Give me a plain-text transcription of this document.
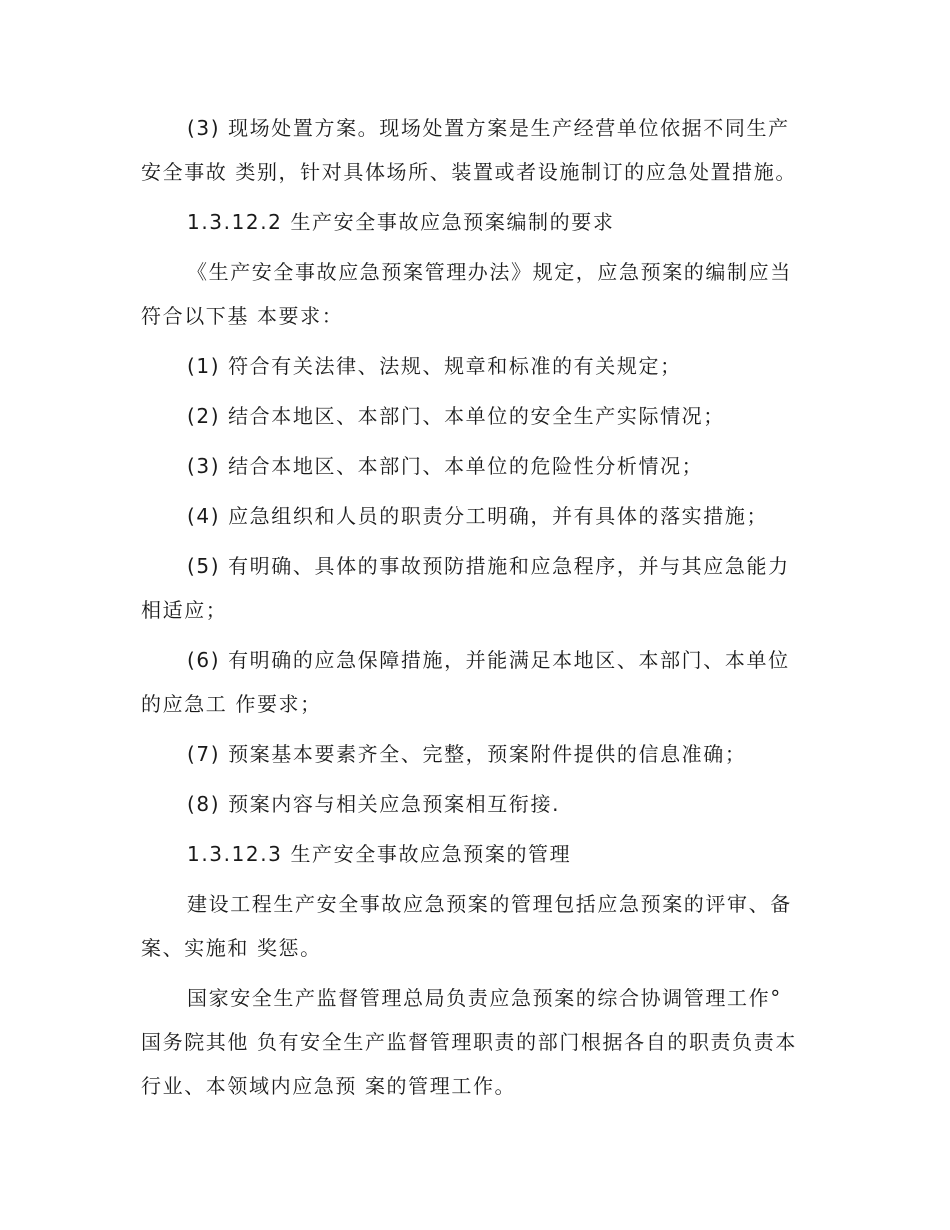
(3) 现场处置方案。现场处置方案是生产经营单位依据不同生产
安全事故 类别，针对具体场所、装置或者设施制订的应急处置措施。

1.3.12.2 生产安全事故应急预案编制的要求

《生产安全事故应急预案管理办法》规定，应急预案的编制应当
符合以下基 本要求：

(1) 符合有关法律、法规、规章和标准的有关规定；

(2) 结合本地区、本部门、本单位的安全生产实际情况；

(3) 结合本地区、本部门、本单位的危险性分析情况；

(4) 应急组织和人员的职责分工明确，并有具体的落实措施；

(5) 有明确、具体的事故预防措施和应急程序，并与其应急能力
相适应；

(6) 有明确的应急保障措施，并能满足本地区、本部门、本单位
的应急工 作要求；

(7) 预案基本要素齐全、完整，预案附件提供的信息准确；

(8) 预案内容与相关应急预案相互衔接.

1.3.12.3 生产安全事故应急预案的管理

建设工程生产安全事故应急预案的管理包括应急预案的评审、备
案、实施和 奖惩。

国家安全生产监督管理总局负责应急预案的综合协调管理工作°
国务院其他 负有安全生产监督管理职责的部门根据各自的职责负责本
行业、本领域内应急预 案的管理工作。
